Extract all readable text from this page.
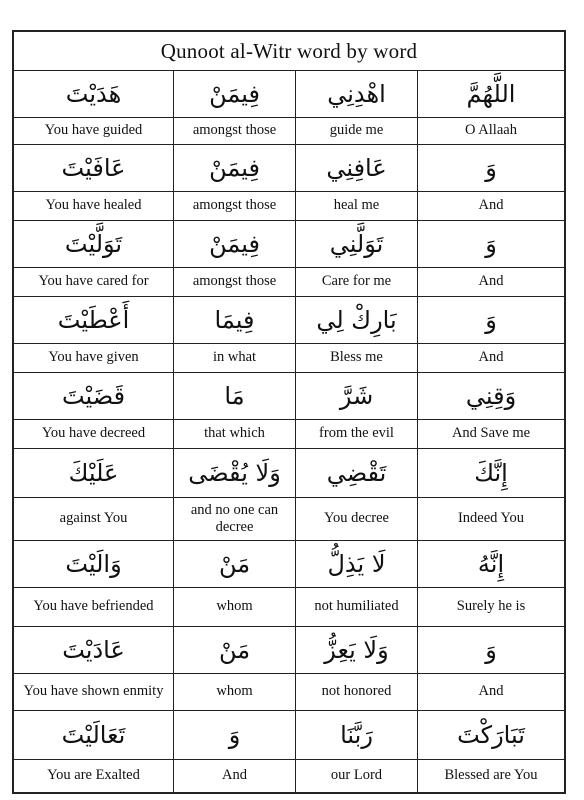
Qunoot al-Witr word by word
هَدَيْتَ
You have guided
فِيمَنْ
amongst those
اهْدِنِي
guide me
اللَّهُمَّ
O Allaah
عَافَيْتَ
You have healed
فِيمَنْ
amongst those
عَافِنِي
heal me
وَ
And
تَوَلَّيْتَ
You have cared for
فِيمَنْ
amongst those
تَوَلَّنِي
Care for me
وَ
And
أَعْطَيْتَ
You have given
فِيمَا
in what
بَارِكْ لِي
Bless me
وَ
And
قَضَيْتَ
You have decreed
مَا
that which
شَرَّ
from the evil
وَقِنِي
And Save me
عَلَيْكَ
against You
وَلَا يُقْضَى
and no one can decree
تَقْضِي
You decree
إِنَّكَ
Indeed You
وَالَيْتَ
You have befriended
مَنْ
whom
لَا يَذِلُّ
not humiliated
إِنَّهُ
Surely he is
عَادَيْتَ
You have shown enmity
مَنْ
whom
وَلَا يَعِزُّ
not honored
وَ
And
تَعَالَيْتَ
You are Exalted
وَ
And
رَبَّنَا
our Lord
تَبَارَكْتَ
Blessed are You
